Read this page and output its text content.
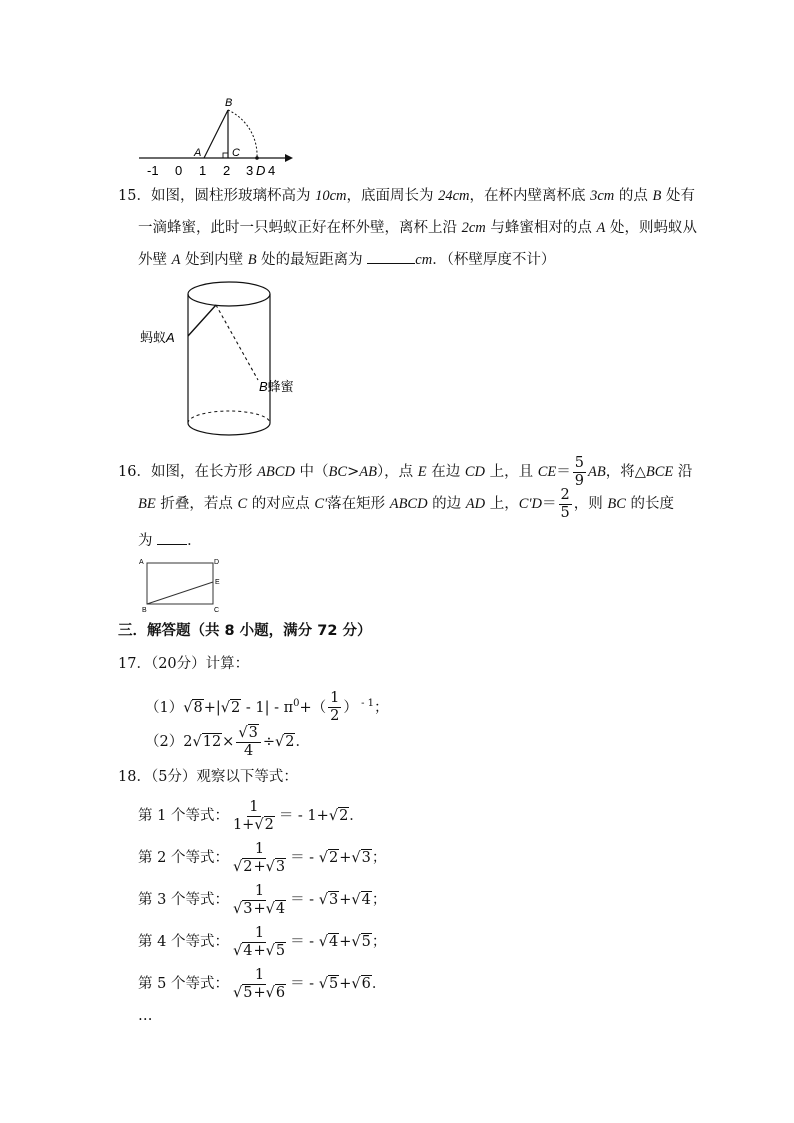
B
A	C
-1 0 1 2 3 D 4
15．如图，圆柱形玻璃杯高为 10cm，底面周长为 24cm，在杯内壁离杯底 3cm 的点 B 处有
一滴蜂蜜，此时一只蚂蚁正好在杯外壁，离杯上沿 2cm 与蜂蜜相对的点 A 处，则蚂蚁从
外壁 A 处到内壁 B 处的最短距离为	cm．（杯壁厚度不计）
蚂蚁A
B蜂蜜
16．如图，在长方形 ABCD 中（BC>AB），点 E 在边 CD 上，且 $CE= \frac{5}{9}$ AB，将△BCE 沿
BE 折叠，若点 C 的对应点 C'落在矩形 ABCD 的边 AD 上，$C'D= \frac{2}{5}$ ，则 BC 的长度
为 ．
A	D
E
B	C
三．解答题（共 8 小题，满分 72 分）
17．（20分）计算：
$(1)√8+|√2 - 1| - \pi^0+( \frac{1}{2}$ ） $^{- 1}$；
$(2)2√12\times \frac{√3}{4} \div√2$．
18．（5分）观察以下等式：
第 1 个等式： $\frac{1}{1+√2}$ ＝ - 1+√2．
第 2 个等式： $\frac{1}{√2+√3}$ ＝ - √2+√3；
第 3 个等式： $\frac{1}{√3+√4}$ ＝ - √3+√4；
第 4 个等式： $\frac{1}{√4+√5}$ ＝ - √4+√5；
第 5 个等式： $\frac{1}{√5+√6}$ ＝ - √5+√6．
…
